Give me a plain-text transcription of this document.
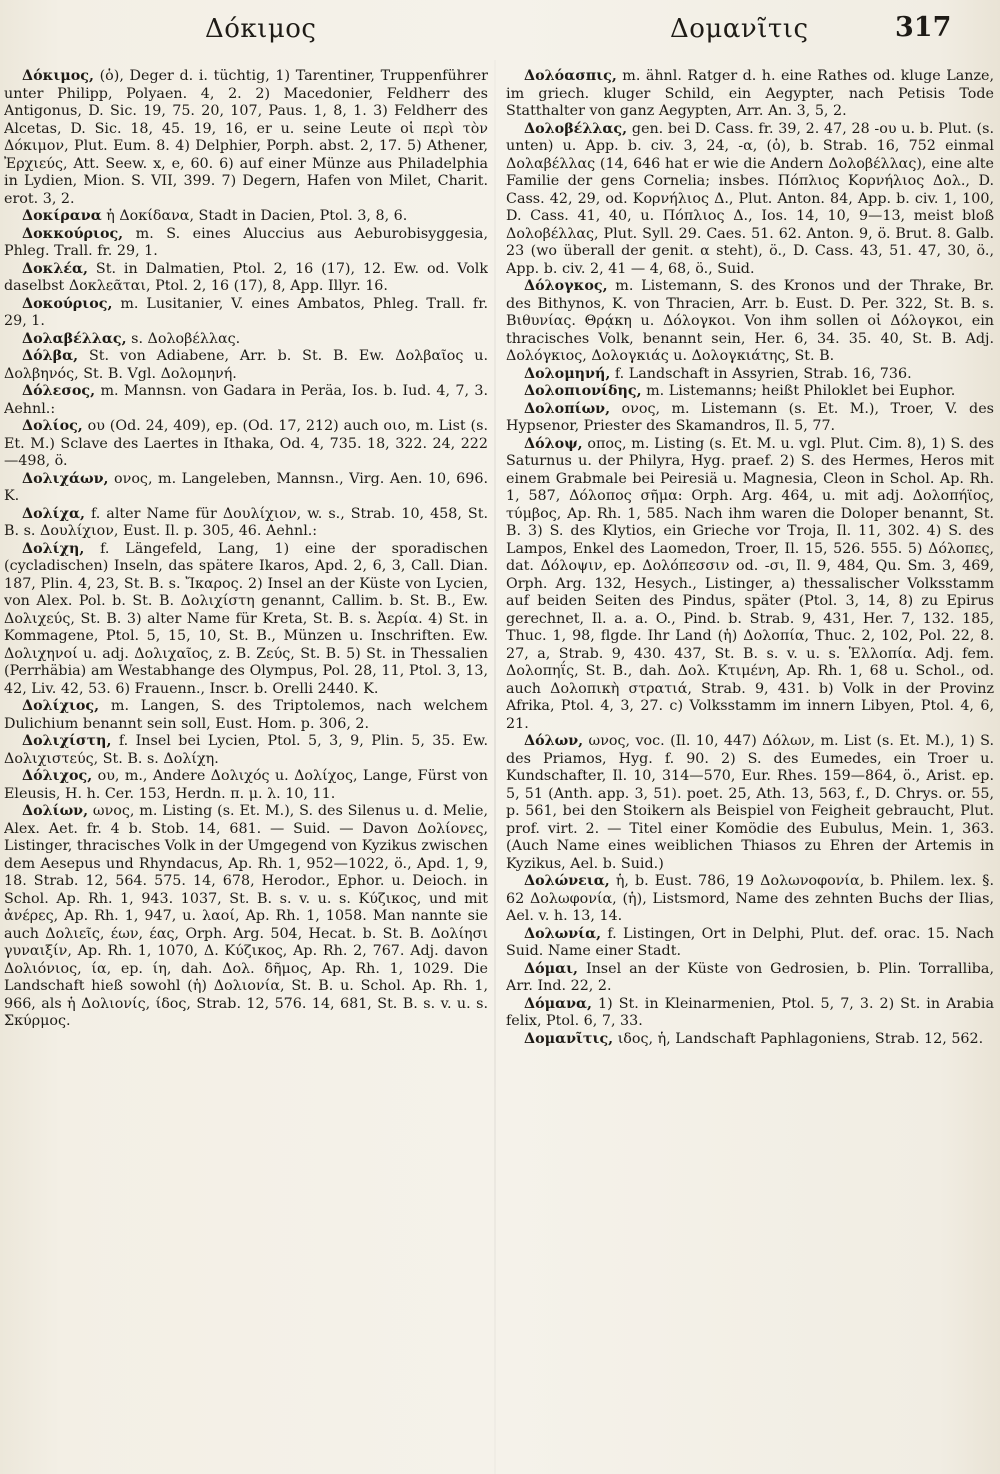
Δόκιμος	Δομανῖτις	317
Δόκιμος, (ὁ), Deger d. i. tüchtig, 1) Tarentiner, Truppenführer unter Philipp, Polyaen. 4, 2. 2) Macedonier, Feldherr des Antigonus, D. Sic. 19, 75. 20, 107, Paus. 1, 8, 1. 3) Feldherr des Alcetas, D. Sic. 18, 45. 19, 16, er u. seine Leute οἱ περὶ τὸν Δόκιμον, Plut. Eum. 8. 4) Delphier, Porph. abst. 2, 17. 5) Athener, Ἐρχιεύς, Att. Seew. x, e, 60. 6) auf einer Münze aus Philadelphia in Lydien, Mion. S. VII, 399. 7) Degern, Hafen von Milet, Charit. erot. 3, 2.
Δοκίρανα ἡ Δοκίδανα, Stadt in Dacien, Ptol. 3, 8, 6.
Δοκκούριος, m. S. eines Aluccius aus Aeburobisyggesia, Phleg. Trall. fr. 29, 1.
Δοκλέα, St. in Dalmatien, Ptol. 2, 16 (17), 12. Ew. od. Volk daselbst Δοκλεᾶται, Ptol. 2, 16 (17), 8, App. Illyr. 16.
Δοκούριος, m. Lusitanier, V. eines Ambatos, Phleg. Trall. fr. 29, 1.
Δολαβέλλας, s. Δολοβέλλας.
Δόλβα, St. von Adiabene, Arr. b. St. B. Ew. Δολβαῖος u. Δολβηνός, St. B. Vgl. Δολομηνή.
Δόλεσος, m. Mannsn. von Gadara in Peräa, Ios. b. Iud. 4, 7, 3. Aehnl.:
Δολίος, ου (Od. 24, 409), ep. (Od. 17, 212) auch οιο, m. List (s. Et. M.) Sclave des Laertes in Ithaka, Od. 4, 735. 18, 322. 24, 222—498, ö.
Δολιχάων, ονος, m. Langeleben, Mannsn., Virg. Aen. 10, 696. K.
Δολίχα, f. alter Name für Δουλίχιον, w. s., Strab. 10, 458, St. B. s. Δουλίχιον, Eust. Il. p. 305, 46. Aehnl.:
Δολίχη, f. Längefeld, Lang, 1) eine der sporadischen (cycladischen) Inseln, das spätere Ikaros, Apd. 2, 6, 3, Call. Dian. 187, Plin. 4, 23, St. B. s. Ἴκαρος. 2) Insel an der Küste von Lycien, von Alex. Pol. b. St. B. Δολιχίστη genannt, Callim. b. St. B., Ew. Δολιχεύς, St. B. 3) alter Name für Kreta, St. B. s. Ἀερία. 4) St. in Kommagene, Ptol. 5, 15, 10, St. B., Münzen u. Inschriften. Ew. Δολιχηνοί u. adj. Δολιχαῖος, z. B. Ζεύς, St. B. 5) St. in Thessalien (Perrhäbia) am Westabhange des Olympus, Pol. 28, 11, Ptol. 3, 13, 42, Liv. 42, 53. 6) Frauenn., Inscr. b. Orelli 2440. K.
Δολίχιος, m. Langen, S. des Triptolemos, nach welchem Dulichium benannt sein soll, Eust. Hom. p. 306, 2.
Δολιχίστη, f. Insel bei Lycien, Ptol. 5, 3, 9, Plin. 5, 35. Ew. Δολιχιστεύς, St. B. s. Δολίχη.
Δόλιχος, ου, m., Andere Δολιχός u. Δολίχος, Lange, Fürst von Eleusis, H. h. Cer. 153, Herdn. π. μ. λ. 10, 11.
Δολίων, ωνος, m. Listing (s. Et. M.), S. des Silenus u. d. Melie, Alex. Aet. fr. 4 b. Stob. 14, 681. — Suid. — Davon Δολίονες, Listinger, thracisches Volk in der Umgegend von Kyzikus zwischen dem Aesepus und Rhyndacus, Ap. Rh. 1, 952—1022, ö., Apd. 1, 9, 18. Strab. 12, 564. 575. 14, 678, Herodor., Ephor. u. Deioch. in Schol. Ap. Rh. 1, 943. 1037, St. B. s. v. u. s. Κύζικος, und mit ἀνέρες, Ap. Rh. 1, 947, u. λαοί, Ap. Rh. 1, 1058. Man nannte sie auch Δολιεῖς, έων, έας, Orph. Arg. 504, Hecat. b. St. B. Δολίησι γυναιξίν, Ap. Rh. 1, 1070, Δ. Κύζικος, Ap. Rh. 2, 767. Adj. davon Δολιόνιος, ία, ep. ίη, dah. Δολ. δῆμος, Ap. Rh. 1, 1029. Die Landschaft hieß sowohl (ἡ) Δολιονία, St. B. u. Schol. Ap. Rh. 1, 966, als ἡ Δολιονίς, ίδος, Strab. 12, 576. 14, 681, St. B. s. v. u. s. Σκύρμος.
Δολόασπις, m. ähnl. Ratger d. h. eine Rathes od. kluge Lanze, im griech. kluger Schild, ein Aegypter, nach Petisis Tode Statthalter von ganz Aegypten, Arr. An. 3, 5, 2.
Δολοβέλλας, gen. bei D. Cass. fr. 39, 2. 47, 28 -ου u. b. Plut. (s. unten) u. App. b. civ. 3, 24, -α, (ὁ), b. Strab. 16, 752 einmal Δολαβέλλας (14, 646 hat er wie die Andern Δολοβέλλας), eine alte Familie der gens Cornelia; insbes. Πόπλιος Κορνήλιος Δολ., D. Cass. 42, 29, od. Κορνήλιος Δ., Plut. Anton. 84, App. b. civ. 1, 100, D. Cass. 41, 40, u. Πόπλιος Δ., Ios. 14, 10, 9—13, meist bloß Δολοβέλλας, Plut. Syll. 29. Caes. 51. 62. Anton. 9, ö. Brut. 8. Galb. 23 (wo überall der genit. α steht), ö., D. Cass. 43, 51. 47, 30, ö., App. b. civ. 2, 41 — 4, 68, ö., Suid.
Δόλογκος, m. Listemann, S. des Kronos und der Thrake, Br. des Bithynos, K. von Thracien, Arr. b. Eust. D. Per. 322, St. B. s. Βιθυνίας. Θρᾴκη u. Δόλογκοι. Von ihm sollen οἱ Δόλογκοι, ein thracisches Volk, benannt sein, Her. 6, 34. 35. 40, St. B. Adj. Δολόγκιος, Δολογκιάς u. Δολογκιάτης, St. B.
Δολομηνή, f. Landschaft in Assyrien, Strab. 16, 736.
Δολοπιονίδης, m. Listemanns; heißt Philoklet bei Euphor.
Δολοπίων, ονος, m. Listemann (s. Et. M.), Troer, V. des Hypsenor, Priester des Skamandros, Il. 5, 77.
Δόλοψ, οπος, m. Listing (s. Et. M. u. vgl. Plut. Cim. 8), 1) S. des Saturnus u. der Philyra, Hyg. praef. 2) S. des Hermes, Heros mit einem Grabmale bei Peiresiä u. Magnesia, Cleon in Schol. Ap. Rh. 1, 587, Δόλοπος σῆμα: Orph. Arg. 464, u. mit adj. Δολοπήϊος, τύμβος, Ap. Rh. 1, 585. Nach ihm waren die Doloper benannt, St. B. 3) S. des Klytios, ein Grieche vor Troja, Il. 11, 302. 4) S. des Lampos, Enkel des Laomedon, Troer, Il. 15, 526. 555. 5) Δόλοπες, dat. Δόλοψιν, ep. Δολόπεσσιν od. -σι, Il. 9, 484, Qu. Sm. 3, 469, Orph. Arg. 132, Hesych., Listinger, a) thessalischer Volksstamm auf beiden Seiten des Pindus, später (Ptol. 3, 14, 8) zu Epirus gerechnet, Il. a. a. O., Pind. b. Strab. 9, 431, Her. 7, 132. 185, Thuc. 1, 98, flgde. Ihr Land (ἡ) Δολοπία, Thuc. 2, 102, Pol. 22, 8. 27, a, Strab. 9, 430. 437, St. B. s. v. u. s. Ἑλλοπία. Adj. fem. Δολοπηΐς, St. B., dah. Δολ. Κτιμένη, Ap. Rh. 1, 68 u. Schol., od. auch Δολοπικὴ στρατιά, Strab. 9, 431. b) Volk in der Provinz Afrika, Ptol. 4, 3, 27. c) Volksstamm im innern Libyen, Ptol. 4, 6, 21.
Δόλων, ωνος, voc. (Il. 10, 447) Δόλων, m. List (s. Et. M.), 1) S. des Priamos, Hyg. f. 90. 2) S. des Eumedes, ein Troer u. Kundschafter, Il. 10, 314—570, Eur. Rhes. 159—864, ö., Arist. ep. 5, 51 (Anth. app. 3, 51). poet. 25, Ath. 13, 563, f., D. Chrys. or. 55, p. 561, bei den Stoikern als Beispiel von Feigheit gebraucht, Plut. prof. virt. 2. — Titel einer Komödie des Eubulus, Mein. 1, 363. (Auch Name eines weiblichen Thiasos zu Ehren der Artemis in Kyzikus, Ael. b. Suid.)
Δολώνεια, ἡ, b. Eust. 786, 19 Δολωνοφονία, b. Philem. lex. §. 62 Δολωφονία, (ἡ), Listsmord, Name des zehnten Buchs der Ilias, Ael. v. h. 13, 14.
Δολωνία, f. Listingen, Ort in Delphi, Plut. def. orac. 15. Nach Suid. Name einer Stadt.
Δόμαι, Insel an der Küste von Gedrosien, b. Plin. Torralliba, Arr. Ind. 22, 2.
Δόμανα, 1) St. in Kleinarmenien, Ptol. 5, 7, 3. 2) St. in Arabia felix, Ptol. 6, 7, 33.
Δομανῖτις, ιδος, ἡ, Landschaft Paphlagoniens, Strab. 12, 562.
